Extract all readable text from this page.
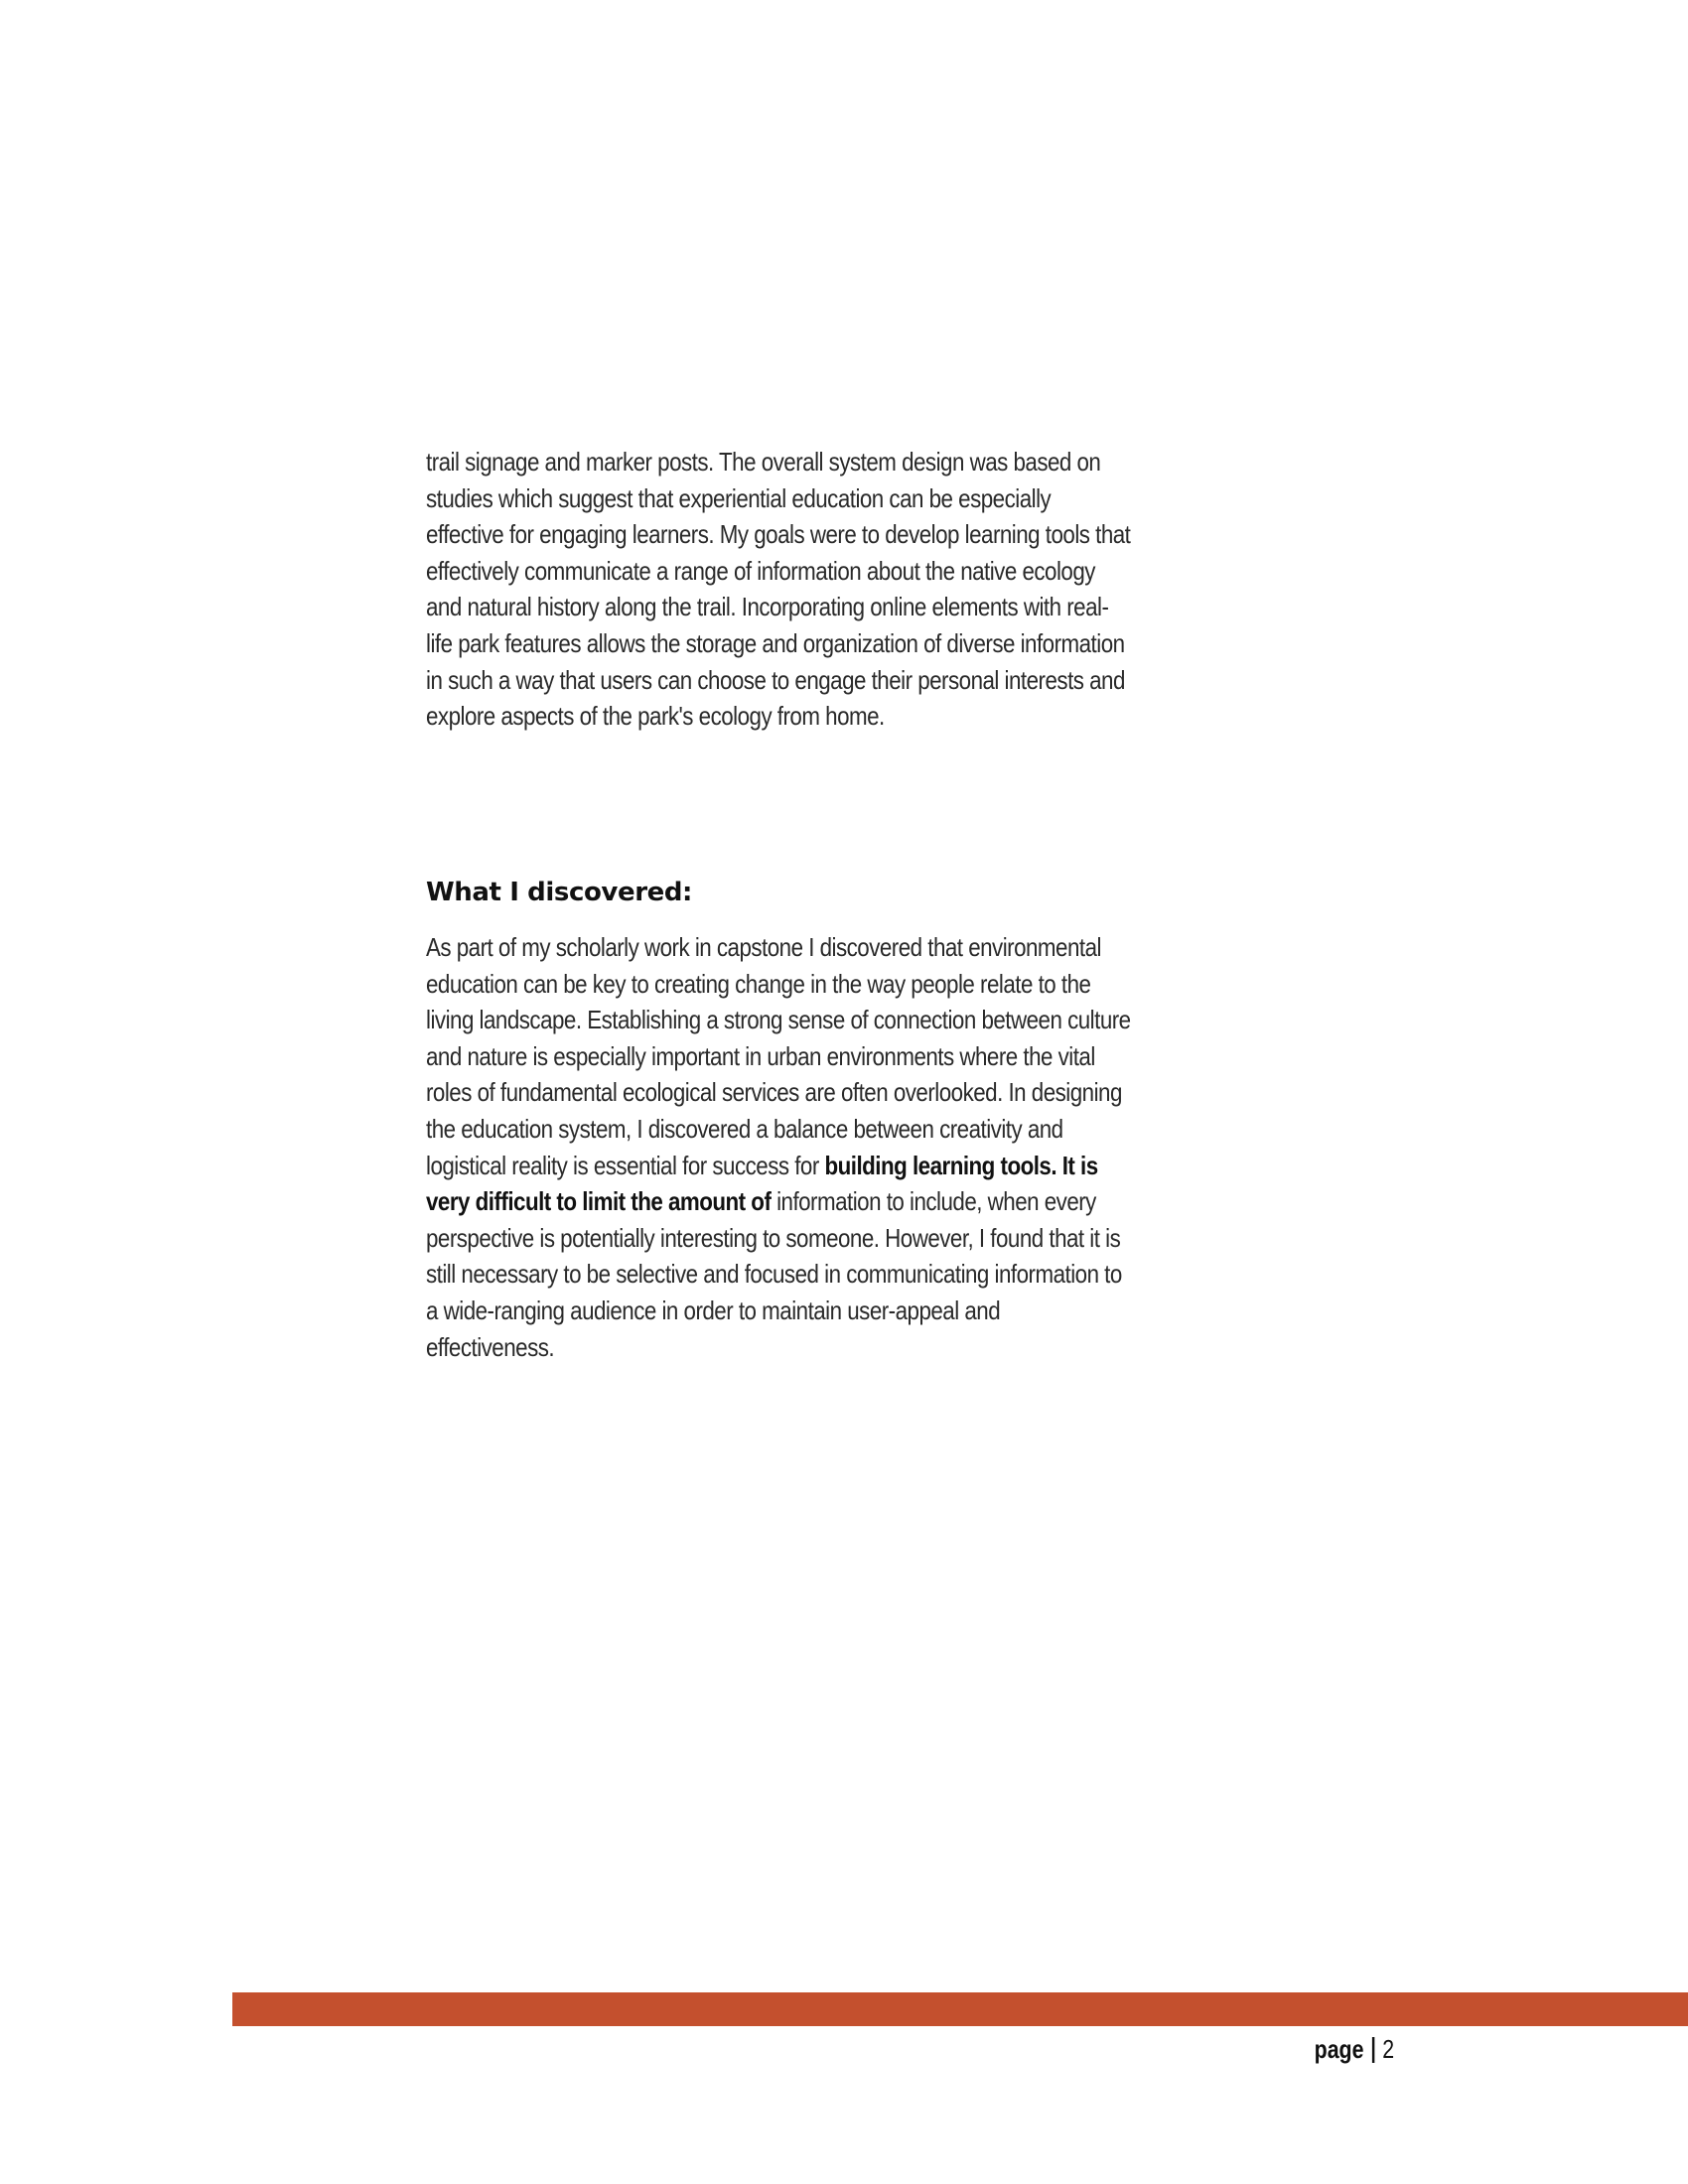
trail signage and marker posts. The overall system design was based on studies which suggest that experiential education can be especially effective for engaging learners. My goals were to develop learning tools that effectively communicate a range of information about the native ecology and natural history along the trail. Incorporating online elements with real-life park features allows the storage and organization of diverse information in such a way that users can choose to engage their personal interests and explore aspects of the park's ecology from home.

What I discovered:

As part of my scholarly work in capstone I discovered that environmental education can be key to creating change in the way people relate to the living landscape. Establishing a strong sense of connection between culture and nature is especially important in urban environments where the vital roles of fundamental ecological services are often overlooked. In designing the education system, I discovered a balance between creativity and logistical reality is essential for success for building learning tools. It is very difficult to limit the amount of information to include, when every perspective is potentially interesting to someone. However, I found that it is still necessary to be selective and focused in communicating information to a wide-ranging audience in order to maintain user-appeal and effectiveness.

page 2
